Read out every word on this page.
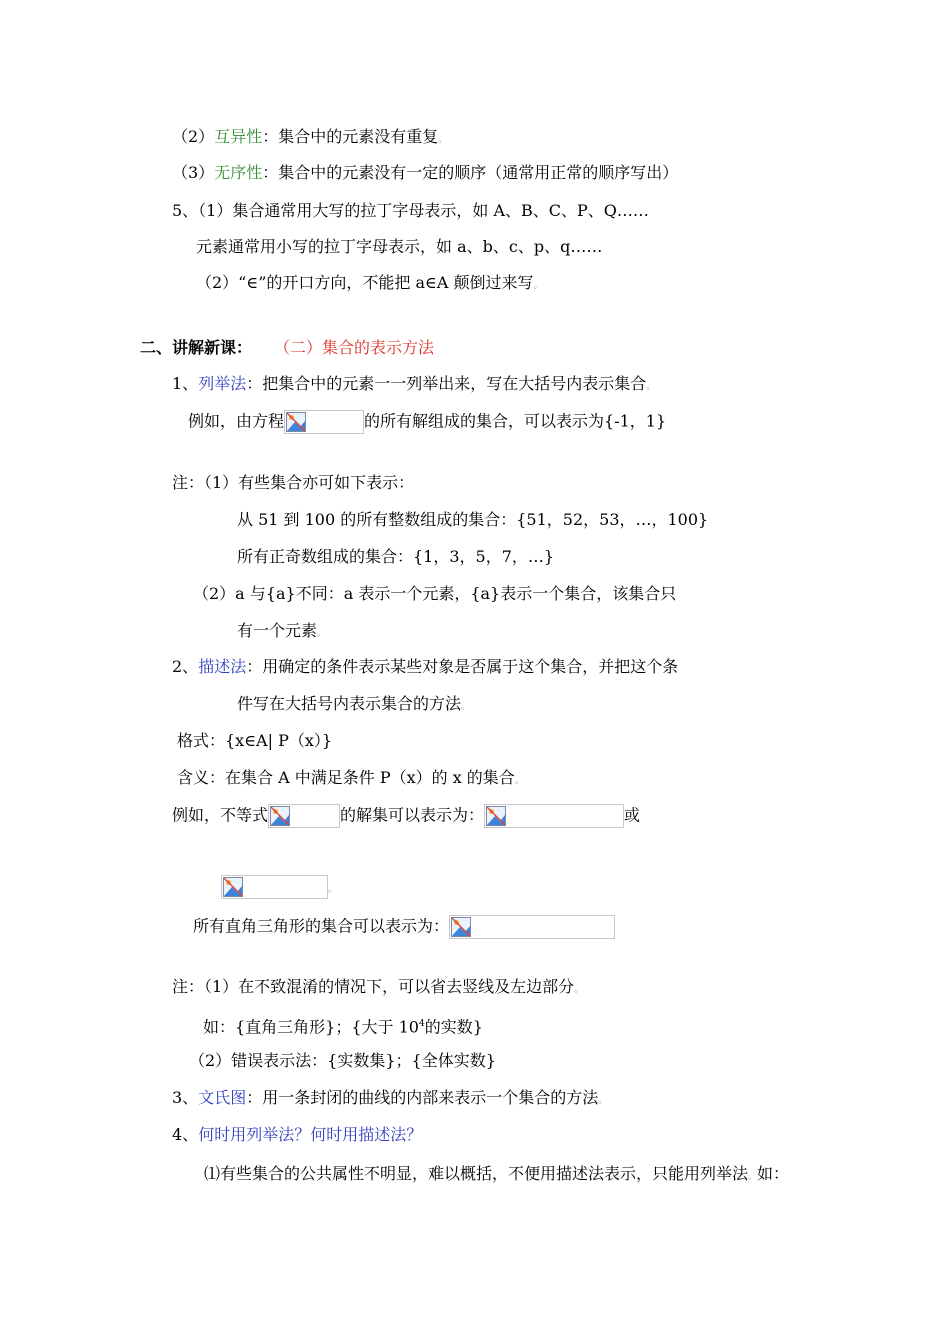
（2）互异性：集合中的元素没有重复。
（3）无序性：集合中的元素没有一定的顺序（通常用正常的顺序写出）
5、（1）集合通常用大写的拉丁字母表示，如 A、B、C、P、Q……
元素通常用小写的拉丁字母表示，如 a、b、c、p、q……
（2）“∈”的开口方向，不能把 a∈A 颠倒过来写。
二、讲解新课： （二）集合的表示方法
1、列举法：把集合中的元素一一列举出来，写在大括号内表示集合。
例如，由方程	的所有解组成的集合，可以表示为{-1，1}
注：（1）有些集合亦可如下表示：
从 51 到 100 的所有整数组成的集合：{51，52，53，…，100}
所有正奇数组成的集合：{1，3，5，7，…}
（2）a 与{a}不同：a 表示一个元素，{a}表示一个集合，该集合只
有一个元素。
2、描述法：用确定的条件表示某些对象是否属于这个集合，并把这个条
件写在大括号内表示集合的方法。
格式：{x∈A| P（x）}
含义：在集合 A 中满足条件 P（x）的 x 的集合。
例如，不等式	的解集可以表示为：	或
。
所有直角三角形的集合可以表示为：
注：（1）在不致混淆的情况下，可以省去竖线及左边部分。
如：{直角三角形}；{大于 $10^4$的实数}
（2）错误表示法：{实数集}；{全体实数}
3、文氏图：用一条封闭的曲线的内部来表示一个集合的方法。
4、何时用列举法？何时用描述法？
⑴有些集合的公共属性不明显，难以概括，不便用描述法表示，只能用列举法。如：
